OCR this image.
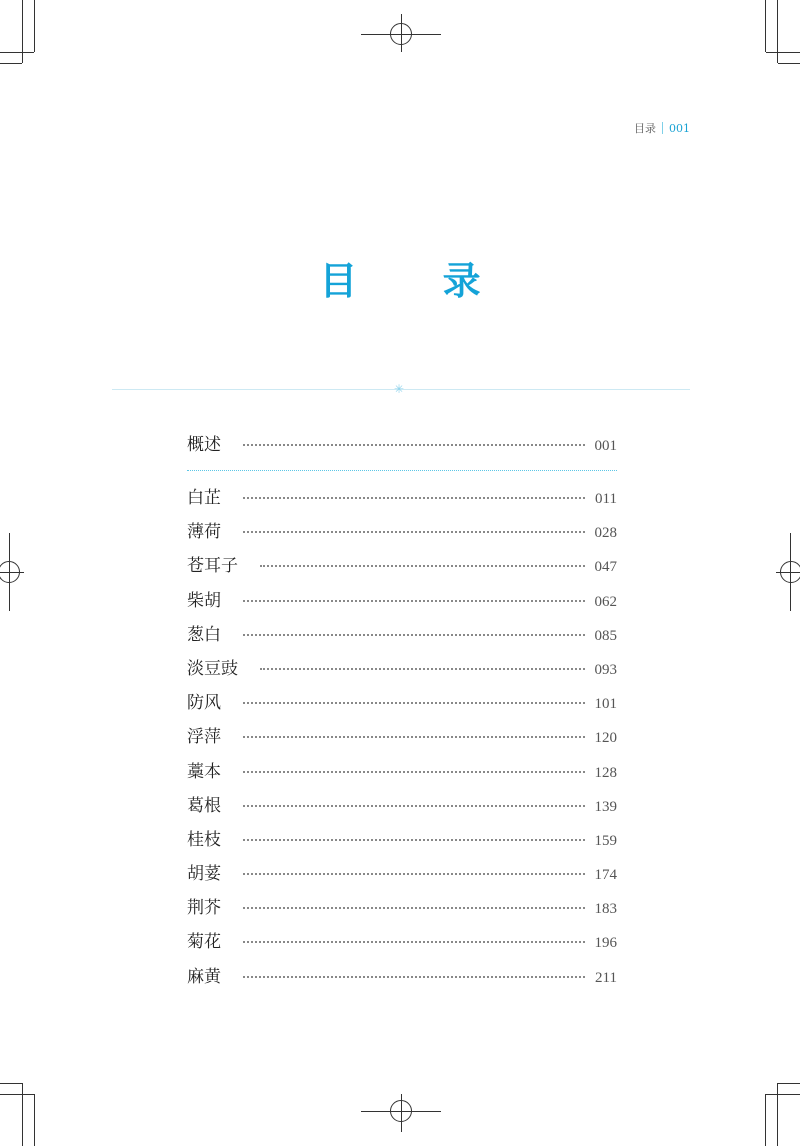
目录 001
目 录
✳
概述	001
白芷	011
薄荷	028
苍耳子	047
柴胡	062
葱白	085
淡豆豉	093
防风	101
浮萍	120
藁本	128
葛根	139
桂枝	159
胡荽	174
荆芥	183
菊花	196
麻黄	211
